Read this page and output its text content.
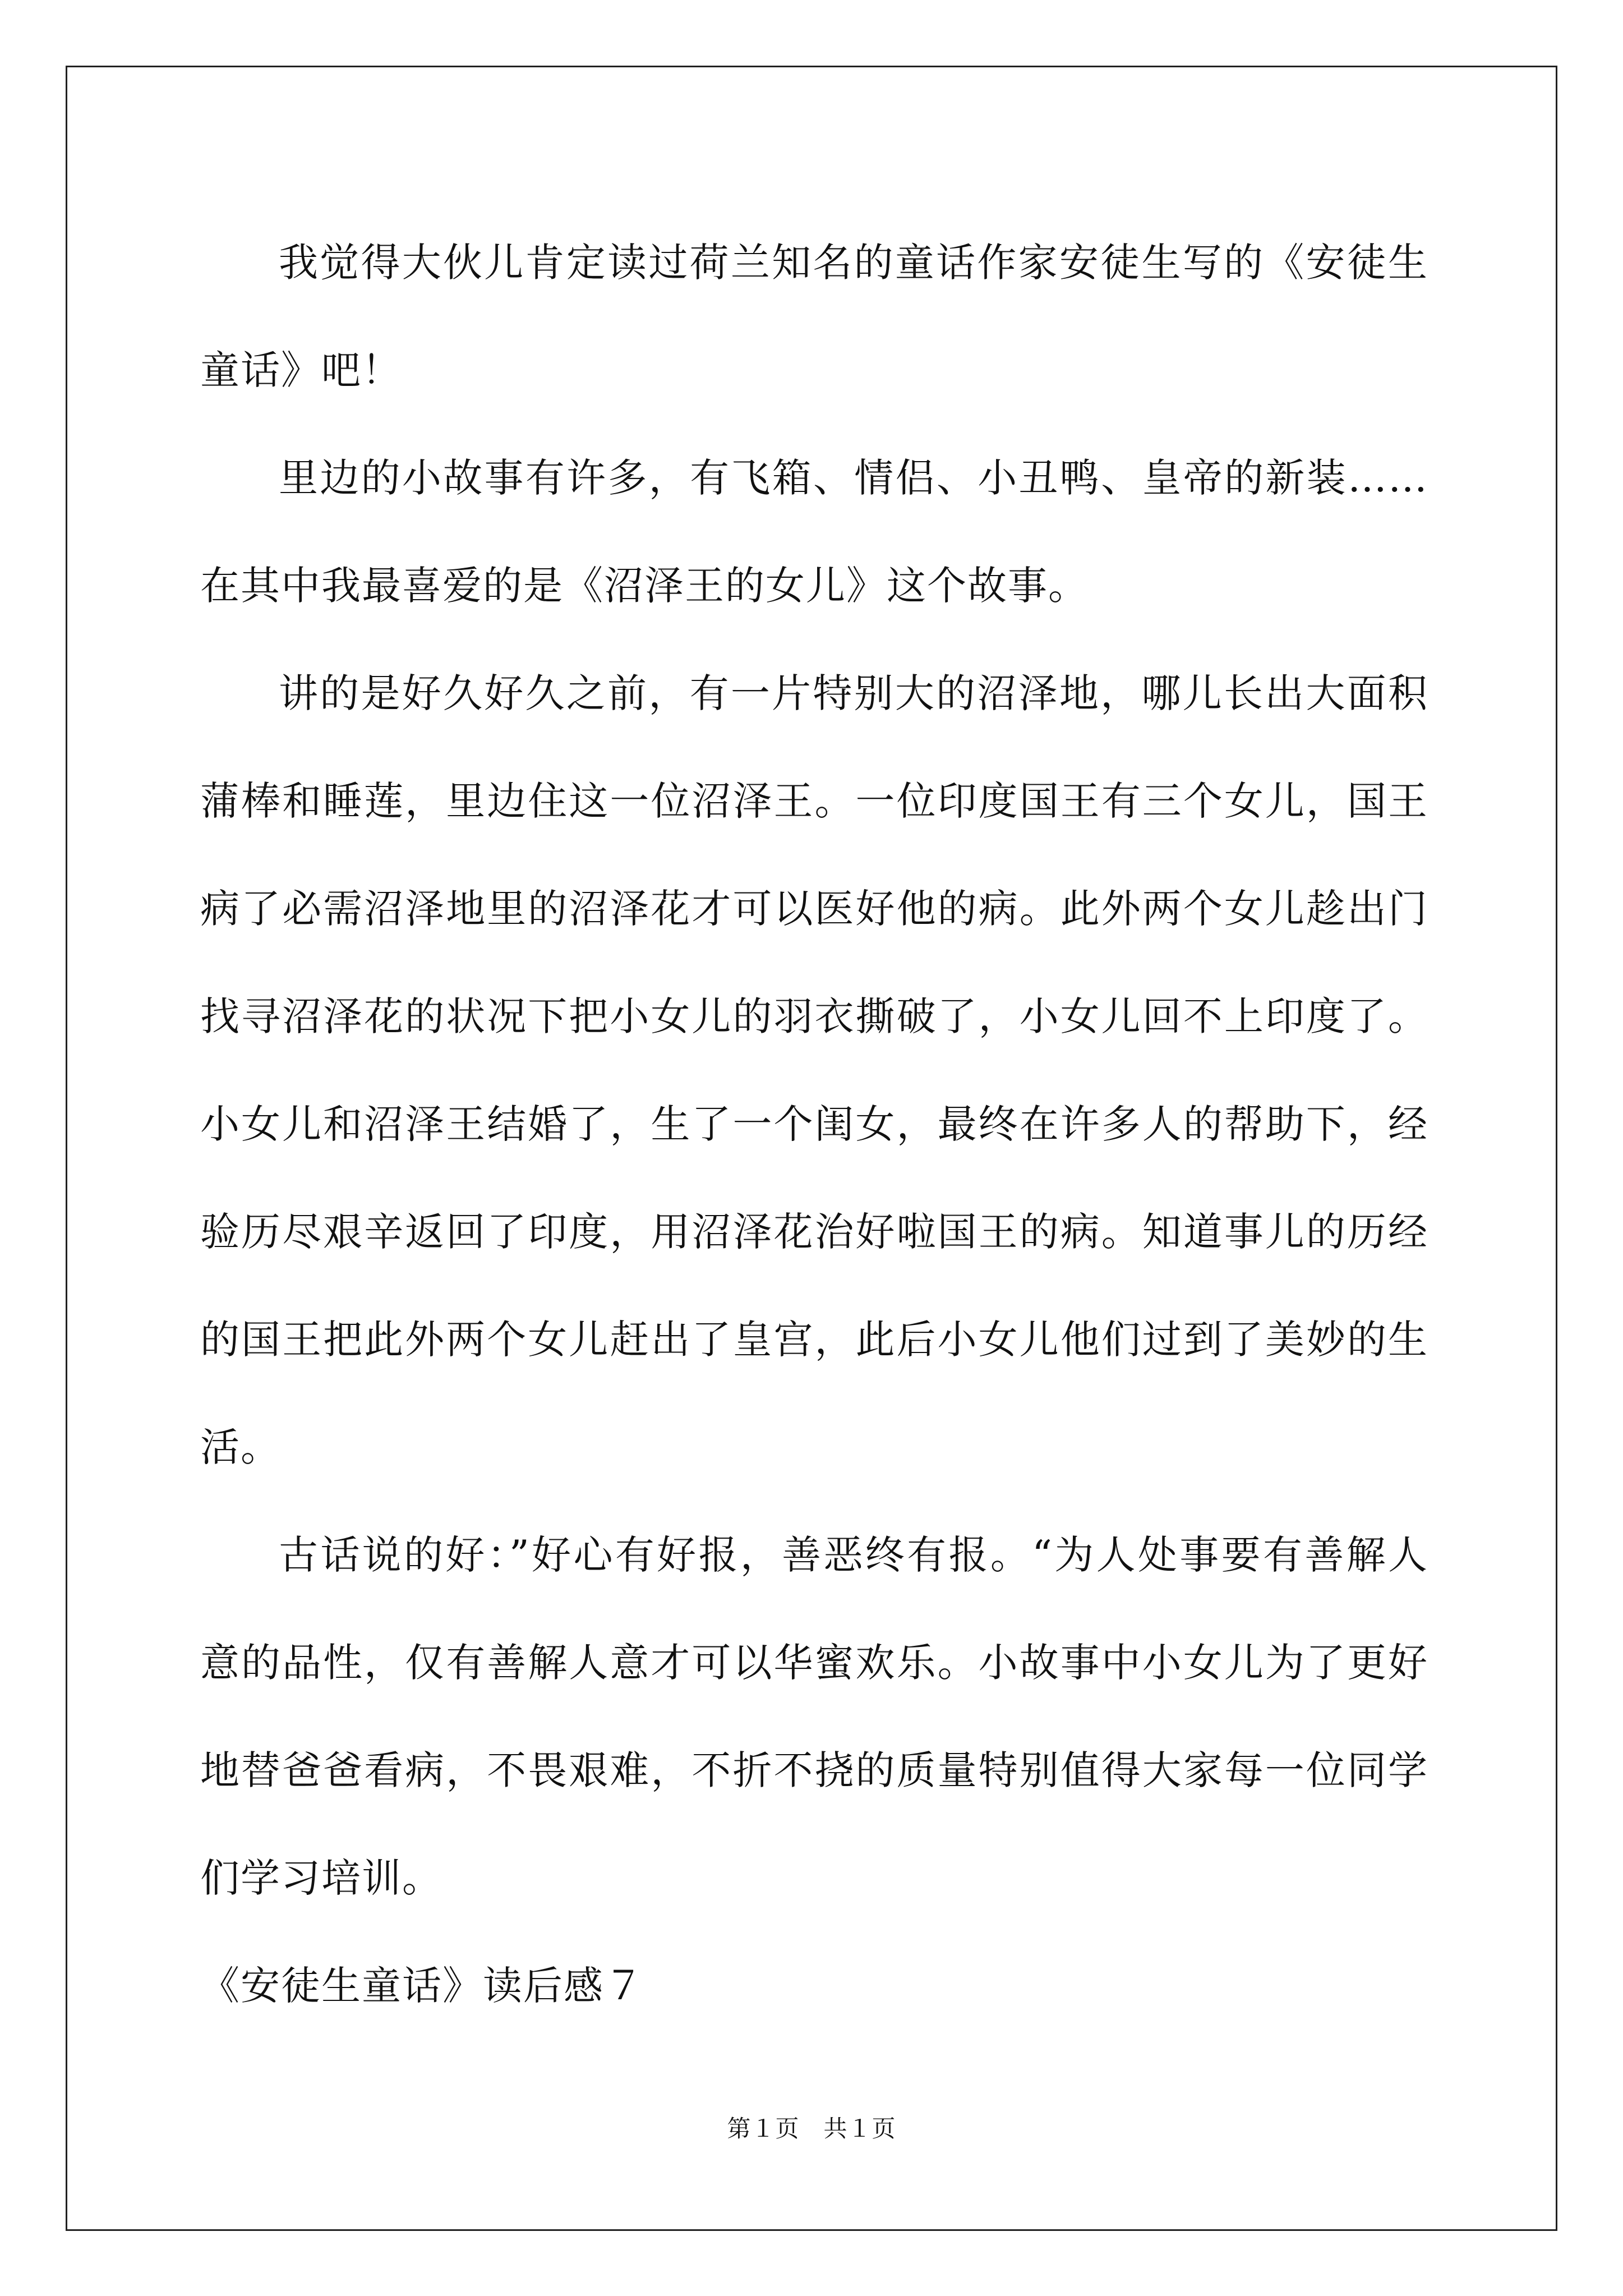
我觉得大伙儿肯定读过荷兰知名的童话作家安徒生写的《安徒生童话》吧！

里边的小故事有许多，有飞箱、情侣、小丑鸭、皇帝的新装……在其中我最喜爱的是《沼泽王的女儿》这个故事。

讲的是好久好久之前，有一片特别大的沼泽地，哪儿长出大面积蒲棒和睡莲，里边住这一位沼泽王。一位印度国王有三个女儿，国王病了必需沼泽地里的沼泽花才可以医好他的病。此外两个女儿趁出门找寻沼泽花的状况下把小女儿的羽衣撕破了，小女儿回不上印度了。小女儿和沼泽王结婚了，生了一个闺女，最终在许多人的帮助下，经验历尽艰辛返回了印度，用沼泽花治好啦国王的病。知道事儿的历经的国王把此外两个女儿赶出了皇宫，此后小女儿他们过到了美妙的生活。

古话说的好：”好心有好报，善恶终有报。“为人处事要有善解人意的品性，仅有善解人意才可以华蜜欢乐。小故事中小女儿为了更好地替爸爸看病，不畏艰难，不折不挠的质量特别值得大家每一位同学们学习培训。

《安徒生童话》读后感７

第１页　共１页
